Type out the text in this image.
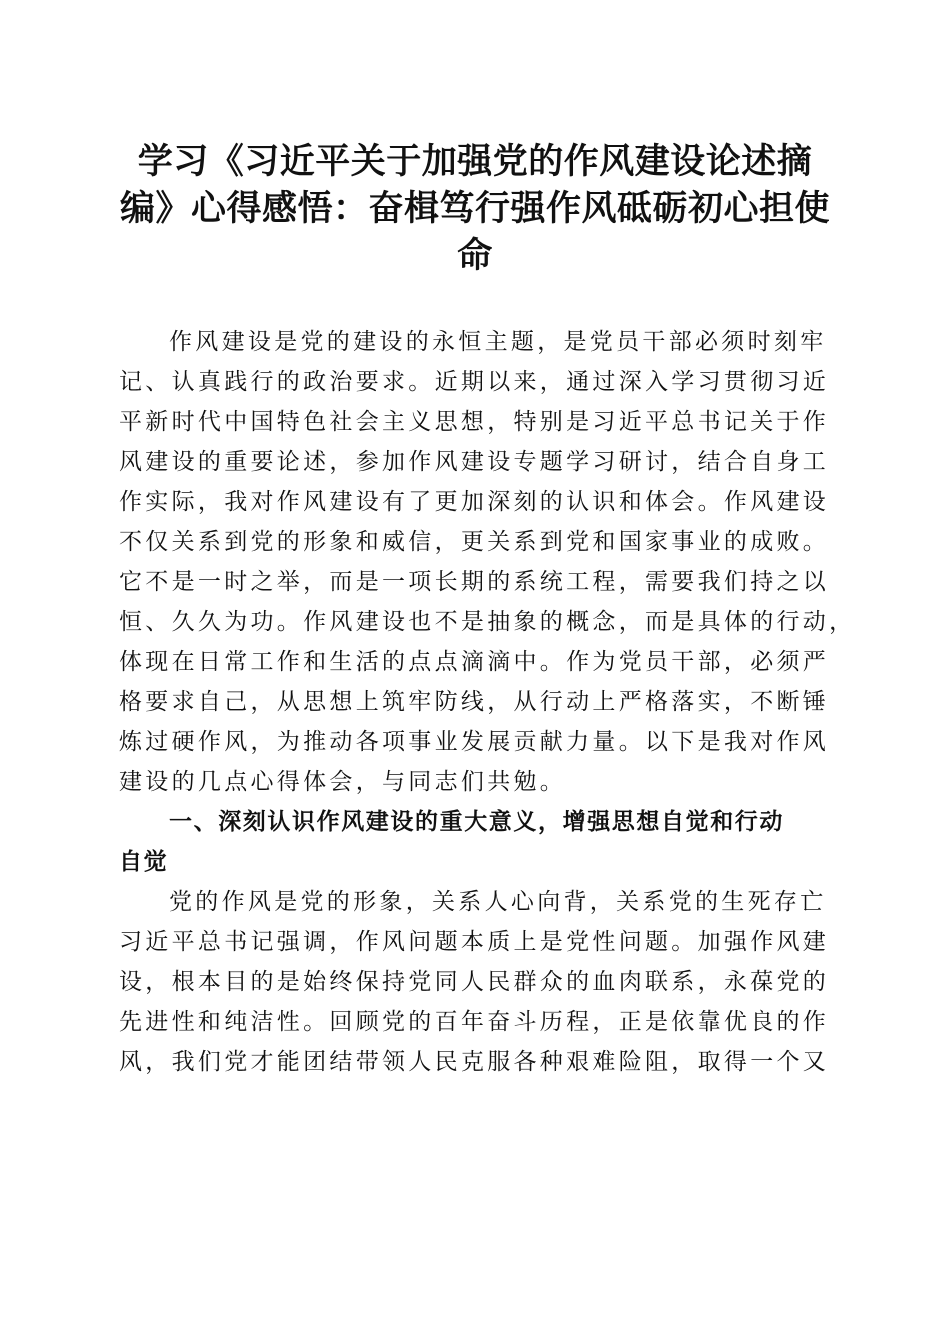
学习《习近平关于加强党的作风建设论述摘
编》心得感悟：奋楫笃行强作风砥砺初心担使
命
作风建设是党的建设的永恒主题，是党员干部必须时刻牢
记、认真践行的政治要求。近期以来，通过深入学习贯彻习近
平新时代中国特色社会主义思想，特别是习近平总书记关于作
风建设的重要论述，参加作风建设专题学习研讨，结合自身工
作实际，我对作风建设有了更加深刻的认识和体会。作风建设
不仅关系到党的形象和威信，更关系到党和国家事业的成败。
它不是一时之举，而是一项长期的系统工程，需要我们持之以
恒、久久为功。作风建设也不是抽象的概念，而是具体的行动，
体现在日常工作和生活的点点滴滴中。作为党员干部，必须严
格要求自己，从思想上筑牢防线，从行动上严格落实，不断锤
炼过硬作风，为推动各项事业发展贡献力量。以下是我对作风
建设的几点心得体会，与同志们共勉。
一、深刻认识作风建设的重大意义，增强思想自觉和行动
自觉
党的作风是党的形象，关系人心向背，关系党的生死存亡
习近平总书记强调，作风问题本质上是党性问题。加强作风建
设，根本目的是始终保持党同人民群众的血肉联系，永葆党的
先进性和纯洁性。回顾党的百年奋斗历程，正是依靠优良的作
风，我们党才能团结带领人民克服各种艰难险阻，取得一个又
